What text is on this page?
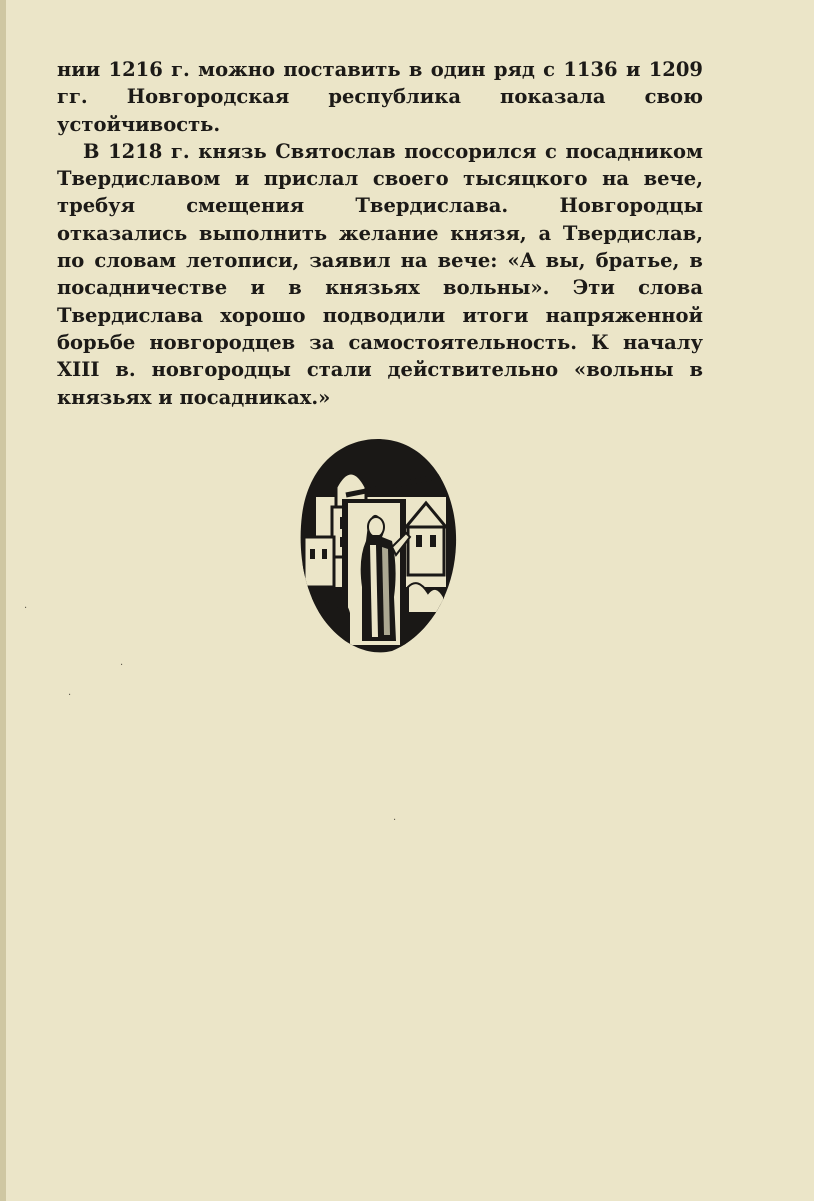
нии 1216 г. можно поставить в один ряд с 1136 и 1209 гг. Новгородская республика показала свою устойчивость.

В 1218 г. князь Святослав поссорился с посадником Твердиславом и прислал своего тысяцкого на вече, требуя смещения Твердислава. Новгородцы отказались выполнить желание князя, а Твердислав, по словам летописи, заявил на вече: «А вы, братье, в посадничестве и в князьях вольны». Эти слова Твердислава хорошо подводили итоги напряженной борьбе новгородцев за самостоятельность. К началу XIII в. новгородцы стали действительно «вольны в князьях и посадниках.»

·
·
·
·
